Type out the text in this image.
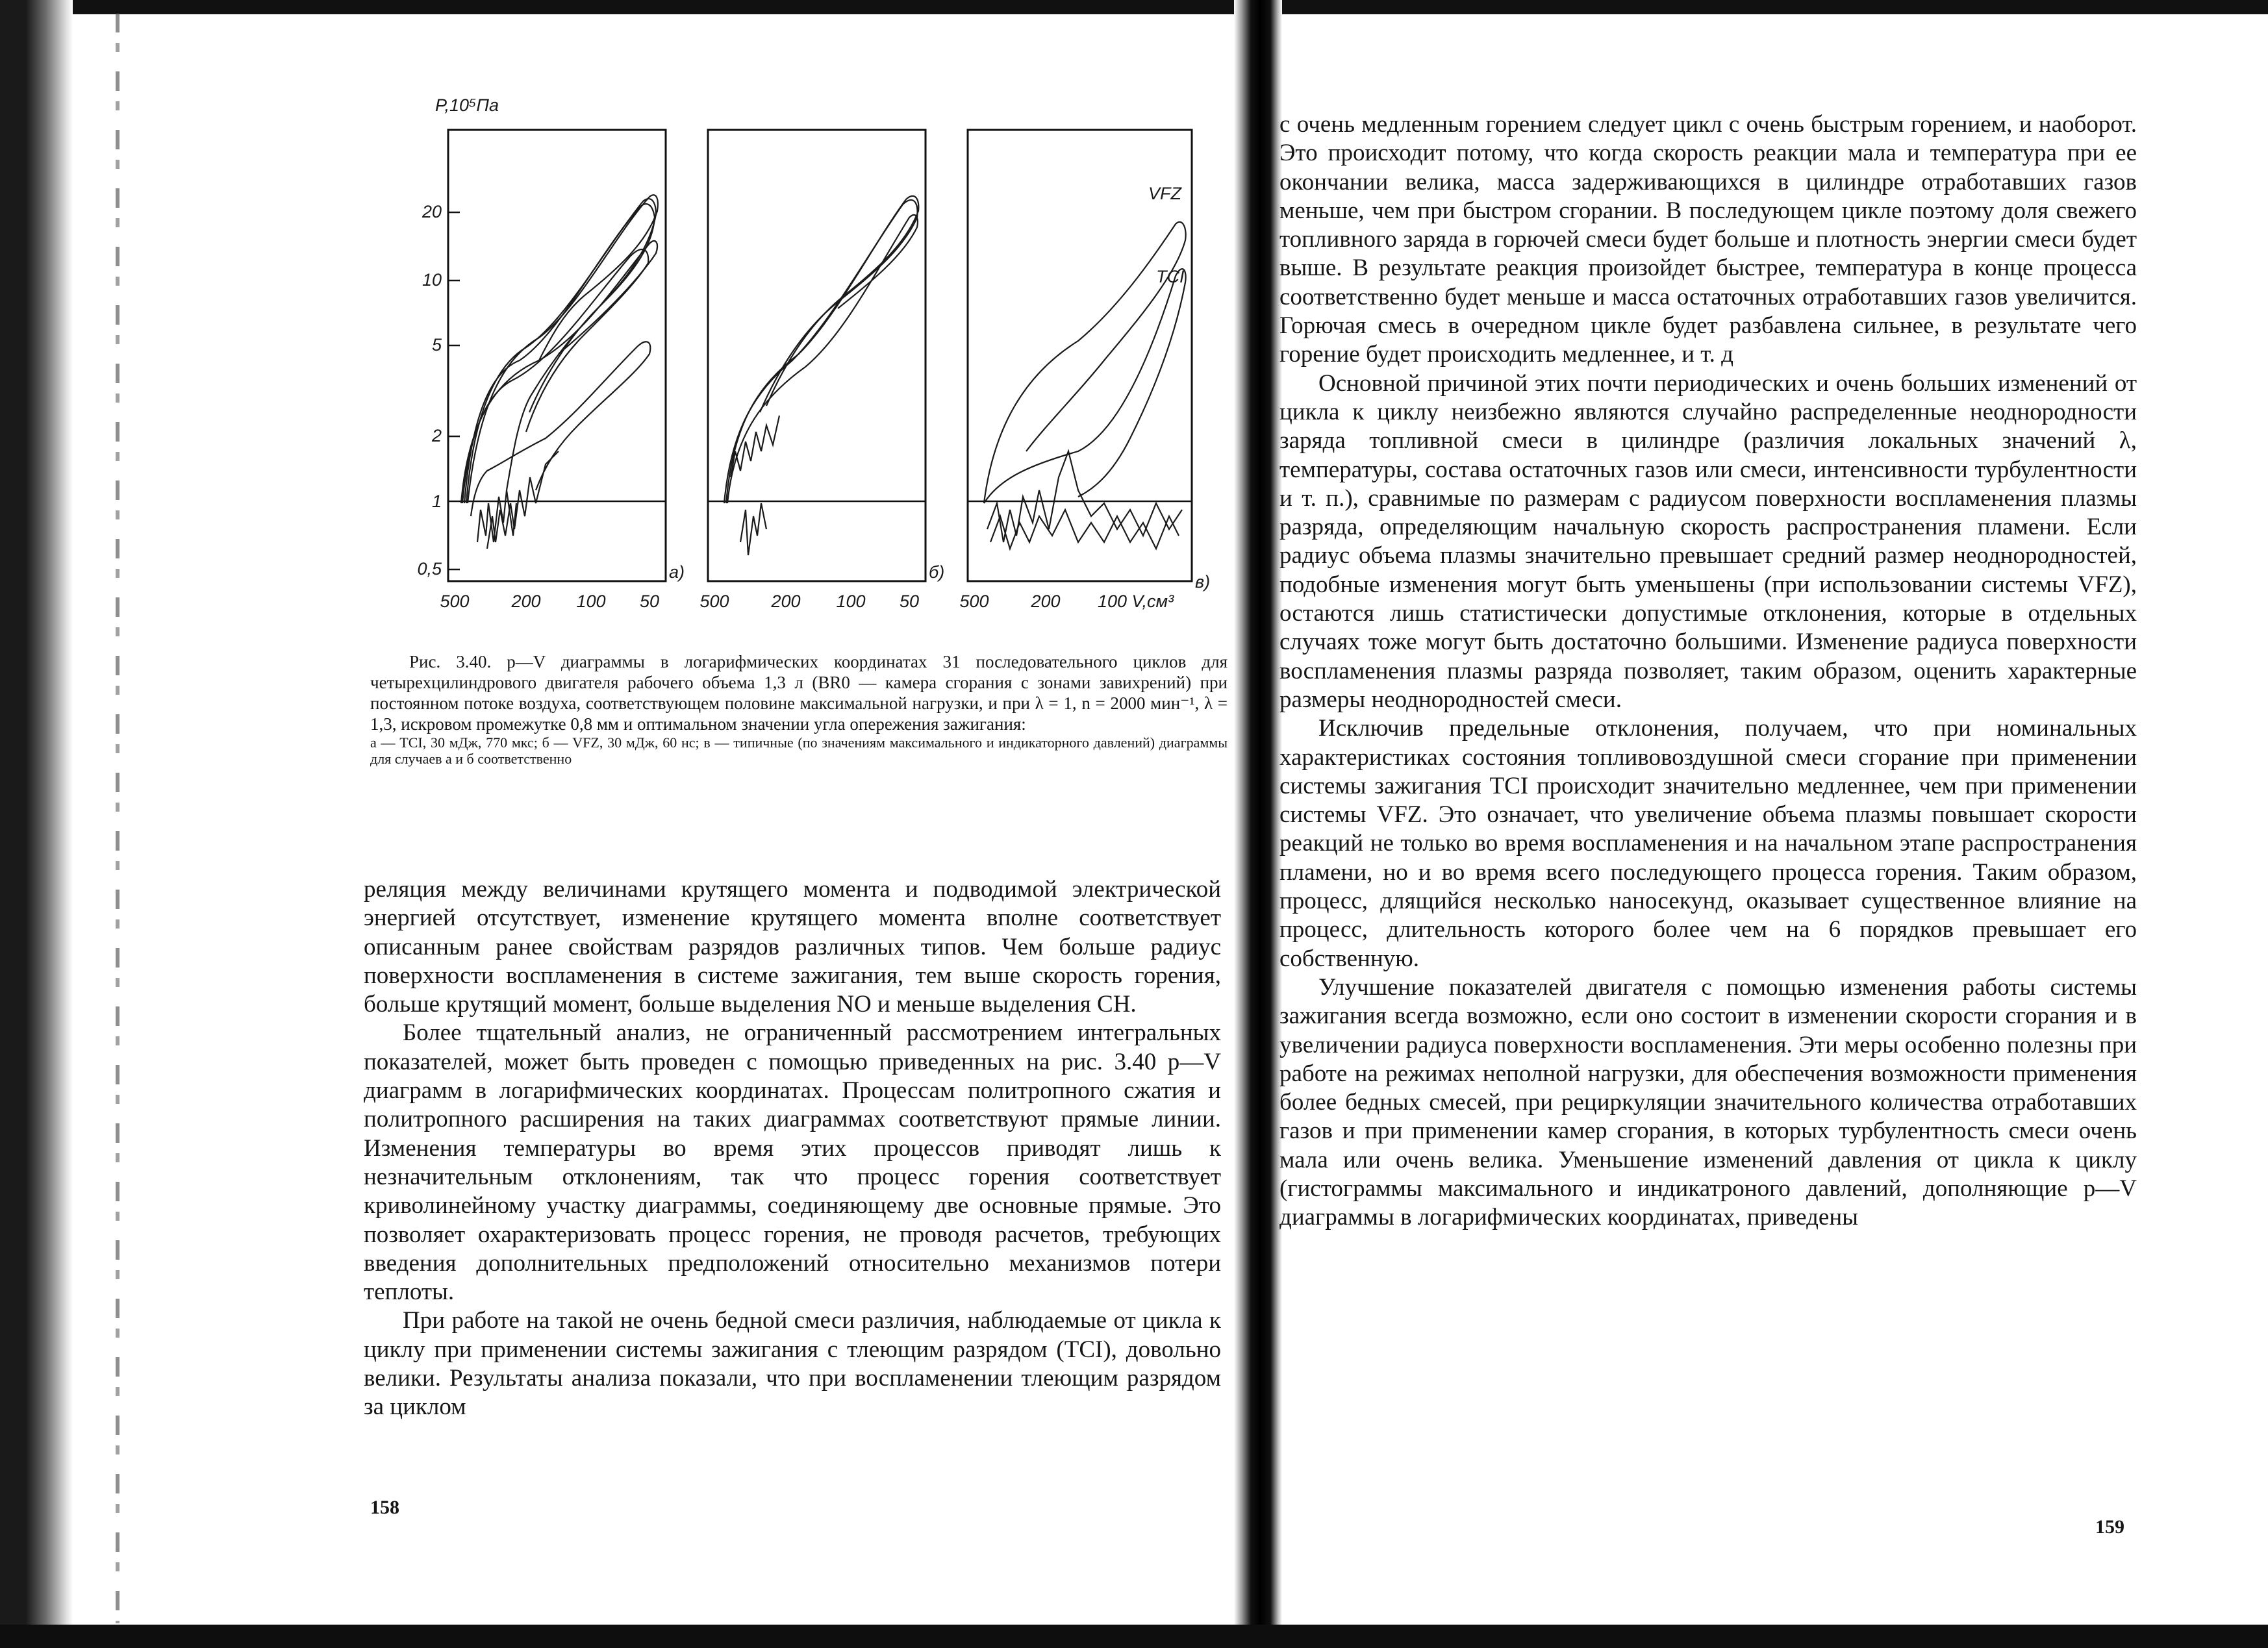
P,10⁵Па
20
10
5
2
1
0,5
500 200 100 50
а)
500 200 100 50
б)
VFZ
TCI
500 200 100 V,см³
в)

Рис. 3.40. p—V диаграммы в логарифмических координатах 31 последовательного циклов для четырехцилиндрового двигателя рабочего объема 1,3 л (BR0 — камера сгорания с зонами завихрений) при постоянном потоке воздуха, соответствующем половине максимальной нагрузки, и при λ = 1, n = 2000 мин⁻¹, λ = 1,3, искровом промежутке 0,8 мм и оптимальном значении угла опережения зажигания:

а — TCI, 30 мДж, 770 мкс; б — VFZ, 30 мДж, 60 нс; в — типичные (по значениям максимального и индикаторного давлений) диаграммы для случаев а и б соответственно

реляция между величинами крутящего момента и подводимой электрической энергией отсутствует, изменение крутящего момента вполне соответствует описанным ранее свойствам разрядов различных типов. Чем больше радиус поверхности воспламенения в системе зажигания, тем выше скорость горения, больше крутящий момент, больше выделения NO и меньше выделения CH.

Более тщательный анализ, не ограниченный рассмотрением интегральных показателей, может быть проведен с помощью приведенных на рис. 3.40 p—V диаграмм в логарифмических координатах. Процессам политропного сжатия и политропного расширения на таких диаграммах соответствуют прямые линии. Изменения температуры во время этих процессов приводят лишь к незначительным отклонениям, так что процесс горения соответствует криволинейному участку диаграммы, соединяющему две основные прямые. Это позволяет охарактеризовать процесс горения, не проводя расчетов, требующих введения дополнительных предположений относительно механизмов потери теплоты.

При работе на такой не очень бедной смеси различия, наблюдаемые от цикла к циклу при применении системы зажигания с тлеющим разрядом (TCI), довольно велики. Результаты анализа показали, что при воспламенении тлеющим разрядом за циклом

158

с очень медленным горением следует цикл с очень быстрым горением, и наоборот. Это происходит потому, что когда скорость реакции мала и температура при ее окончании велика, масса задерживающихся в цилиндре отработавших газов меньше, чем при быстром сгорании. В последующем цикле поэтому доля свежего топливного заряда в горючей смеси будет больше и плотность энергии смеси будет выше. В результате реакция произойдет быстрее, температура в конце процесса соответственно будет меньше и масса остаточных отработавших газов увеличится. Горючая смесь в очередном цикле будет разбавлена сильнее, в результате чего горение будет происходить медленнее, и т. д

Основной причиной этих почти периодических и очень больших изменений от цикла к циклу неизбежно являются случайно распределенные неоднородности заряда топливной смеси в цилиндре (различия локальных значений λ, температуры, состава остаточных газов или смеси, интенсивности турбулентности и т. п.), сравнимые по размерам с радиусом поверхности воспламенения плазмы разряда, определяющим начальную скорость распространения пламени. Если радиус объема плазмы значительно превышает средний размер неоднородностей, подобные изменения могут быть уменьшены (при использовании системы VFZ), остаются лишь статистически допустимые отклонения, которые в отдельных случаях тоже могут быть достаточно большими. Изменение радиуса поверхности воспламенения плазмы разряда позволяет, таким образом, оценить характерные размеры неоднородностей смеси.

Исключив предельные отклонения, получаем, что при номинальных характеристиках состояния топливовоздушной смеси сгорание при применении системы зажигания TCI происходит значительно медленнее, чем при применении системы VFZ. Это означает, что увеличение объема плазмы повышает скорости реакций не только во время воспламенения и на начальном этапе распространения пламени, но и во время всего последующего процесса горения. Таким образом, процесс, длящийся несколько наносекунд, оказывает существенное влияние на процесс, длительность которого более чем на 6 порядков превышает его собственную.

Улучшение показателей двигателя с помощью изменения работы системы зажигания всегда возможно, если оно состоит в изменении скорости сгорания и в увеличении радиуса поверхности воспламенения. Эти меры особенно полезны при работе на режимах неполной нагрузки, для обеспечения возможности применения более бедных смесей, при рециркуляции значительного количества отработавших газов и при применении камер сгорания, в которых турбулентность смеси очень мала или очень велика. Уменьшение изменений давления от цикла к циклу (гистограммы максимального и индикатроного давлений, дополняющие p—V диаграммы в логарифмических координатах, приведены

159
